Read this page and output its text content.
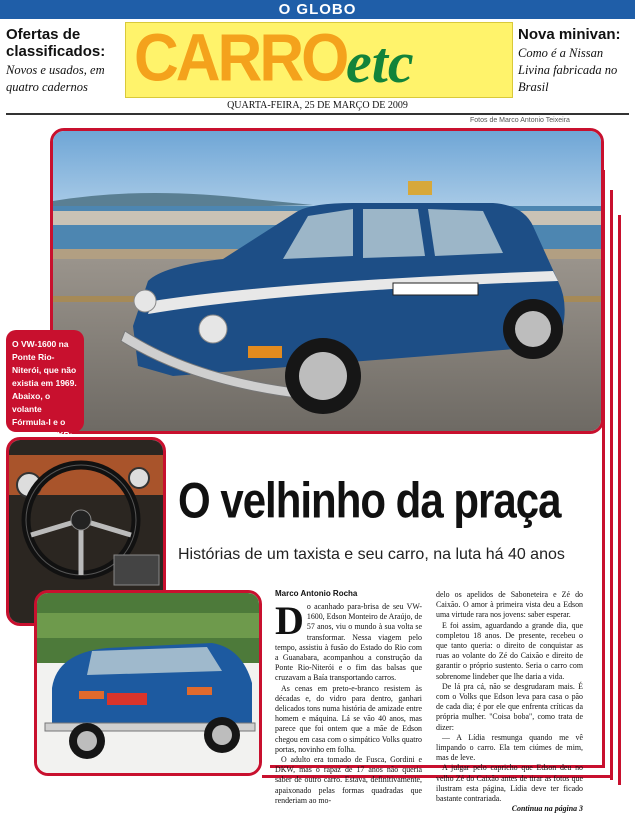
O GLOBO
Ofertas de classificados:
Novos e usados, em quatro cadernos CARRO etc	Nova minivan:
Como é a Nissan Livina fabricada no Brasil
QUARTA-FEIRA, 25 DE MARÇO DE 2009
Fotos de Marco Antonio Teixeira
O VW-1600 na Ponte Rio-Niterói, que não existia em 1969. Abaixo, o volante Fórmula-I e o toca-fitas TKR:
O velhinho da praça
Histórias de um taxista e seu carro, na luta há 40 anos
Marco Antonio Rocha
D o acanhado para-brisa de seu VW-1600, Edson Monteiro de Araújo, de 57 anos, viu o mundo à sua volta se transformar. Nessa viagem pelo tempo, assistiu à fusão do Estado do Rio com a Guanabara, acompanhou a construção da Ponte Rio-Niterói e o fim das balsas que cruzavam a Baía transportando carros.

As cenas em preto-e-branco resistem às décadas e, do vidro para dentro, ganhari delicados tons numa história de amizade entre homem e máquina. Lá se vão 40 anos, mas parece que foi ontem que a mãe de Edson chegou em casa com o simpático Volks quatro portas, novinho em folha.

O adulto era tomado de Fusca, Gordini e DKW, mas o rapaz de 17 anos não queria saber de outro carro. Estava, definitivamente, apaixonado pelas formas quadradas que renderiam ao mo-

delo os apelidos de Saboneteira e Zé do Caixão. O amor à primeira vista deu a Edson uma virtude rara nos jovens: saber esperar.

E foi assim, aguardando a grande dia, que completou 18 anos. De presente, recebeu o que tanto queria: o direito de conquistar as ruas ao volante do Zé do Caixão e direito de garantir o próprio sustento. Seria o carro com sobrenome lindeber que lhe daria a vida.

De lá pra cá, não se desgrudaram mais. É com o Volks que Edson leva para casa o pão de cada dia; é por ele que enfrenta críticas da própria mulher. "Coisa boba", como trata de dizer:

— A Lídia resmunga quando me vê limpando o carro. Ela tem ciúmes de mim, mas de leve.

A julgar pelo capricho que Edson deu no velho Zé do Caixão antes de tirar as fotos que ilustram esta página, Lídia deve ter ficado bastante contrariada.

Continua na página 3
